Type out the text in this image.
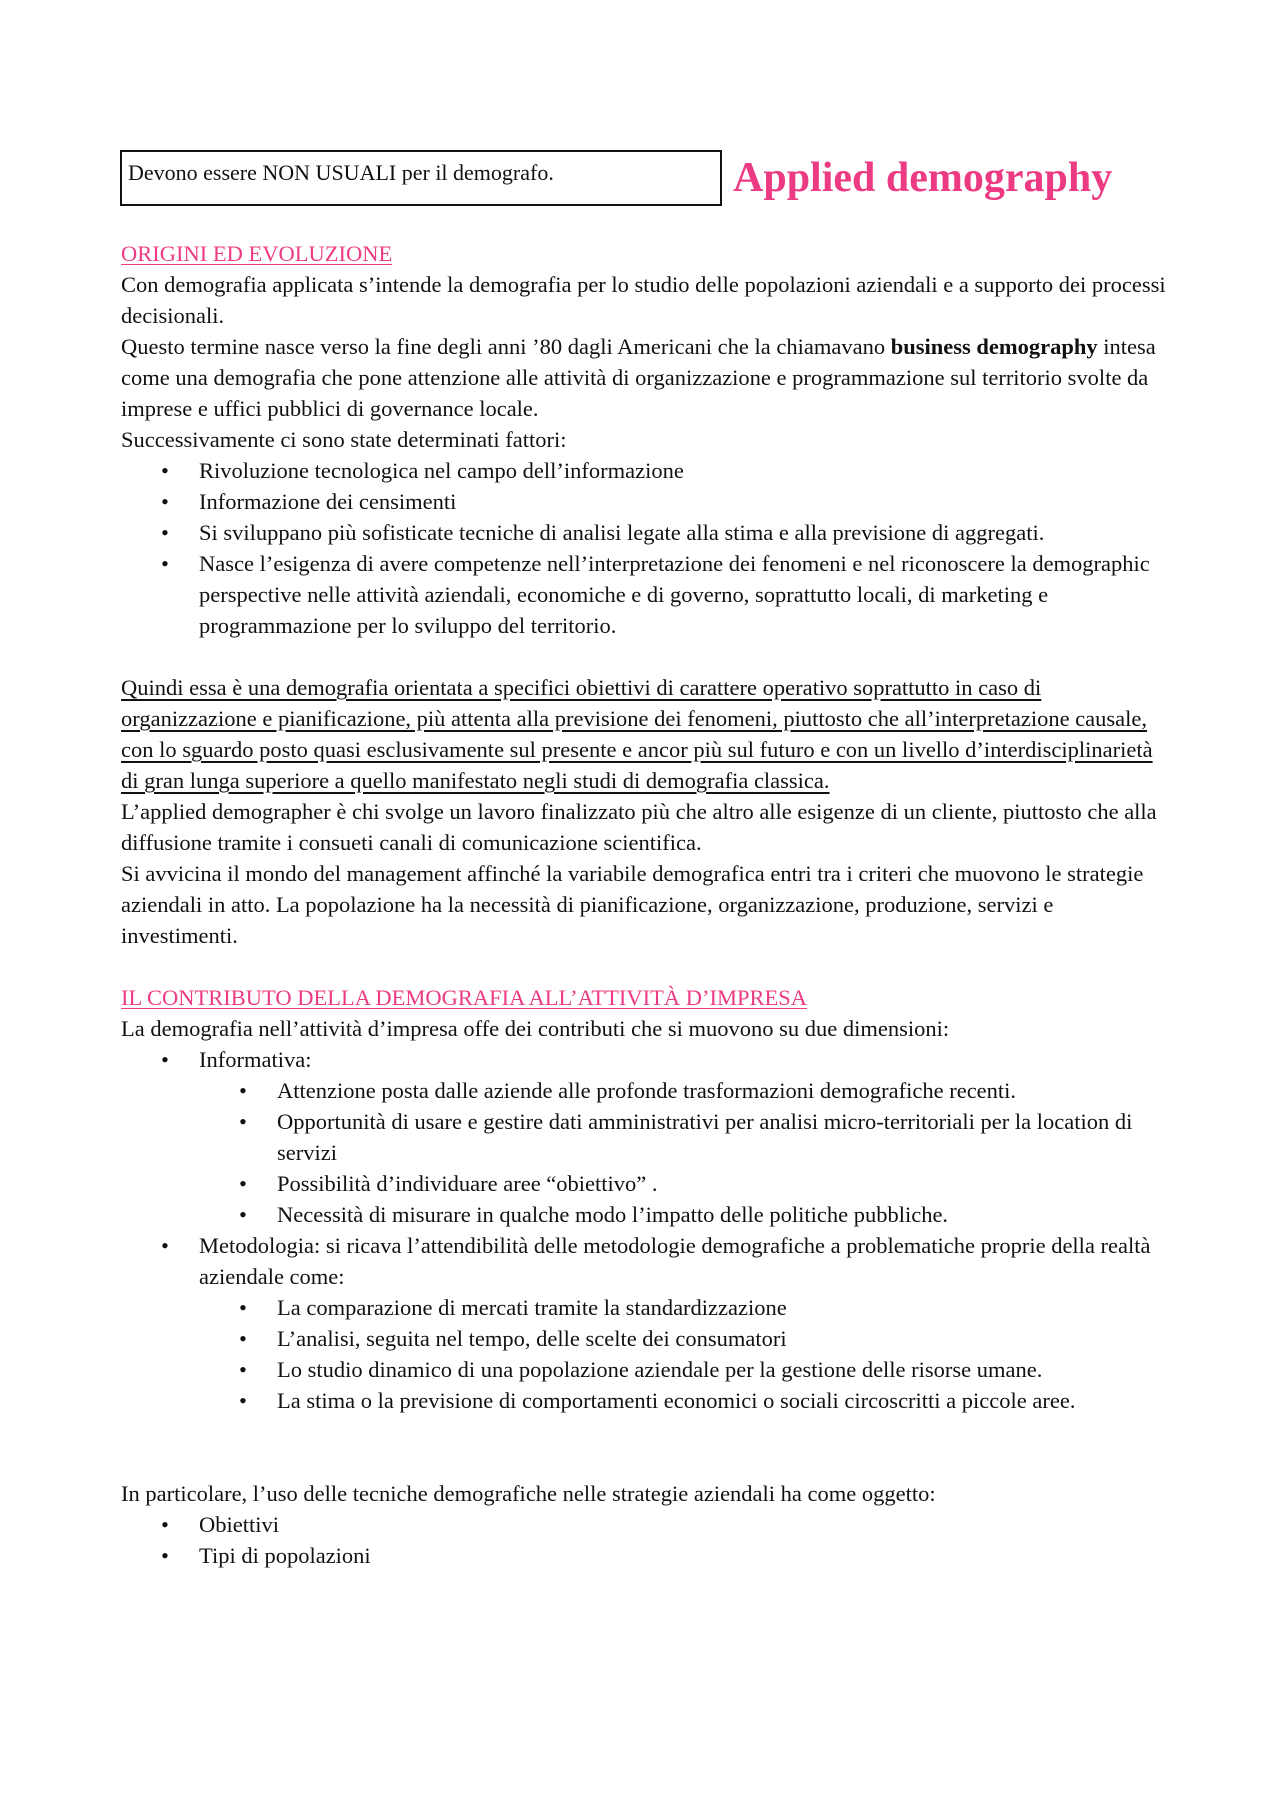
Devono essere NON USUALI per il demografo.	Applied demography

ORIGINI ED EVOLUZIONE

Con demografia applicata s’intende la demografia per lo studio delle popolazioni aziendali e a supporto dei processi decisionali.

Questo termine nasce verso la fine degli anni ’80 dagli Americani che la chiamavano business demography intesa come una demografia che pone attenzione alle attività di organizzazione e programmazione sul territorio svolte da imprese e uffici pubblici di governance locale.

Successivamente ci sono state determinati fattori:

• Rivoluzione tecnologica nel campo dell’informazione
• Informazione dei censimenti
• Si sviluppano più sofisticate tecniche di analisi legate alla stima e alla previsione di aggregati.
• Nasce l’esigenza di avere competenze nell’interpretazione dei fenomeni e nel riconoscere la demographic perspective nelle attività aziendali, economiche e di governo, soprattutto locali, di marketing e programmazione per lo sviluppo del territorio.

Quindi essa è una demografia orientata a specifici obiettivi di carattere operativo soprattutto in caso di organizzazione e pianificazione, più attenta alla previsione dei fenomeni, piuttosto che all’interpretazione causale, con lo sguardo posto quasi esclusivamente sul presente e ancor più sul futuro e con un livello d’interdisciplinarietà di gran lunga superiore a quello manifestato negli studi di demografia classica.

L’applied demographer è chi svolge un lavoro finalizzato più che altro alle esigenze di un cliente, piuttosto che alla diffusione tramite i consueti canali di comunicazione scientifica.

Si avvicina il mondo del management affinché la variabile demografica entri tra i criteri che muovono le strategie aziendali in atto. La popolazione ha la necessità di pianificazione, organizzazione, produzione, servizi e investimenti.

IL CONTRIBUTO DELLA DEMOGRAFIA ALL’ATTIVITÀ D’IMPRESA

La demografia nell’attività d’impresa offe dei contributi che si muovono su due dimensioni:

• Informativa:
• Attenzione posta dalle aziende alle profonde trasformazioni demografiche recenti.
• Opportunità di usare e gestire dati amministrativi per analisi micro-territoriali per la location di servizi
• Possibilità d’individuare aree “obiettivo” .
• Necessità di misurare in qualche modo l’impatto delle politiche pubbliche.
• Metodologia: si ricava l’attendibilità delle metodologie demografiche a problematiche proprie della realtà aziendale come:
• La comparazione di mercati tramite la standardizzazione
• L’analisi, seguita nel tempo, delle scelte dei consumatori
• Lo studio dinamico di una popolazione aziendale per la gestione delle risorse umane.
• La stima o la previsione di comportamenti economici o sociali circoscritti a piccole aree.

In particolare, l’uso delle tecniche demografiche nelle strategie aziendali ha come oggetto:

• Obiettivi
• Tipi di popolazioni
